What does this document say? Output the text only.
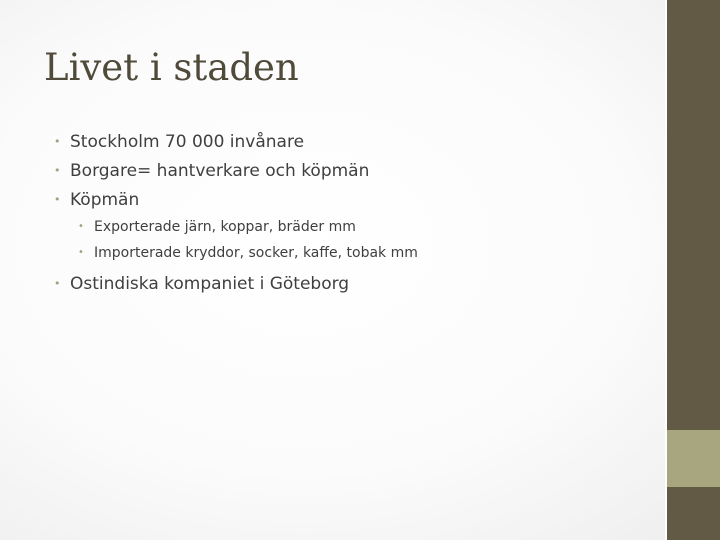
Livet i staden
• Stockholm 70 000 invånare
• Borgare= hantverkare och köpmän
• Köpmän
• Exporterade järn, koppar, bräder mm
• Importerade kryddor, socker, kaffe, tobak mm
• Ostindiska kompaniet i Göteborg
